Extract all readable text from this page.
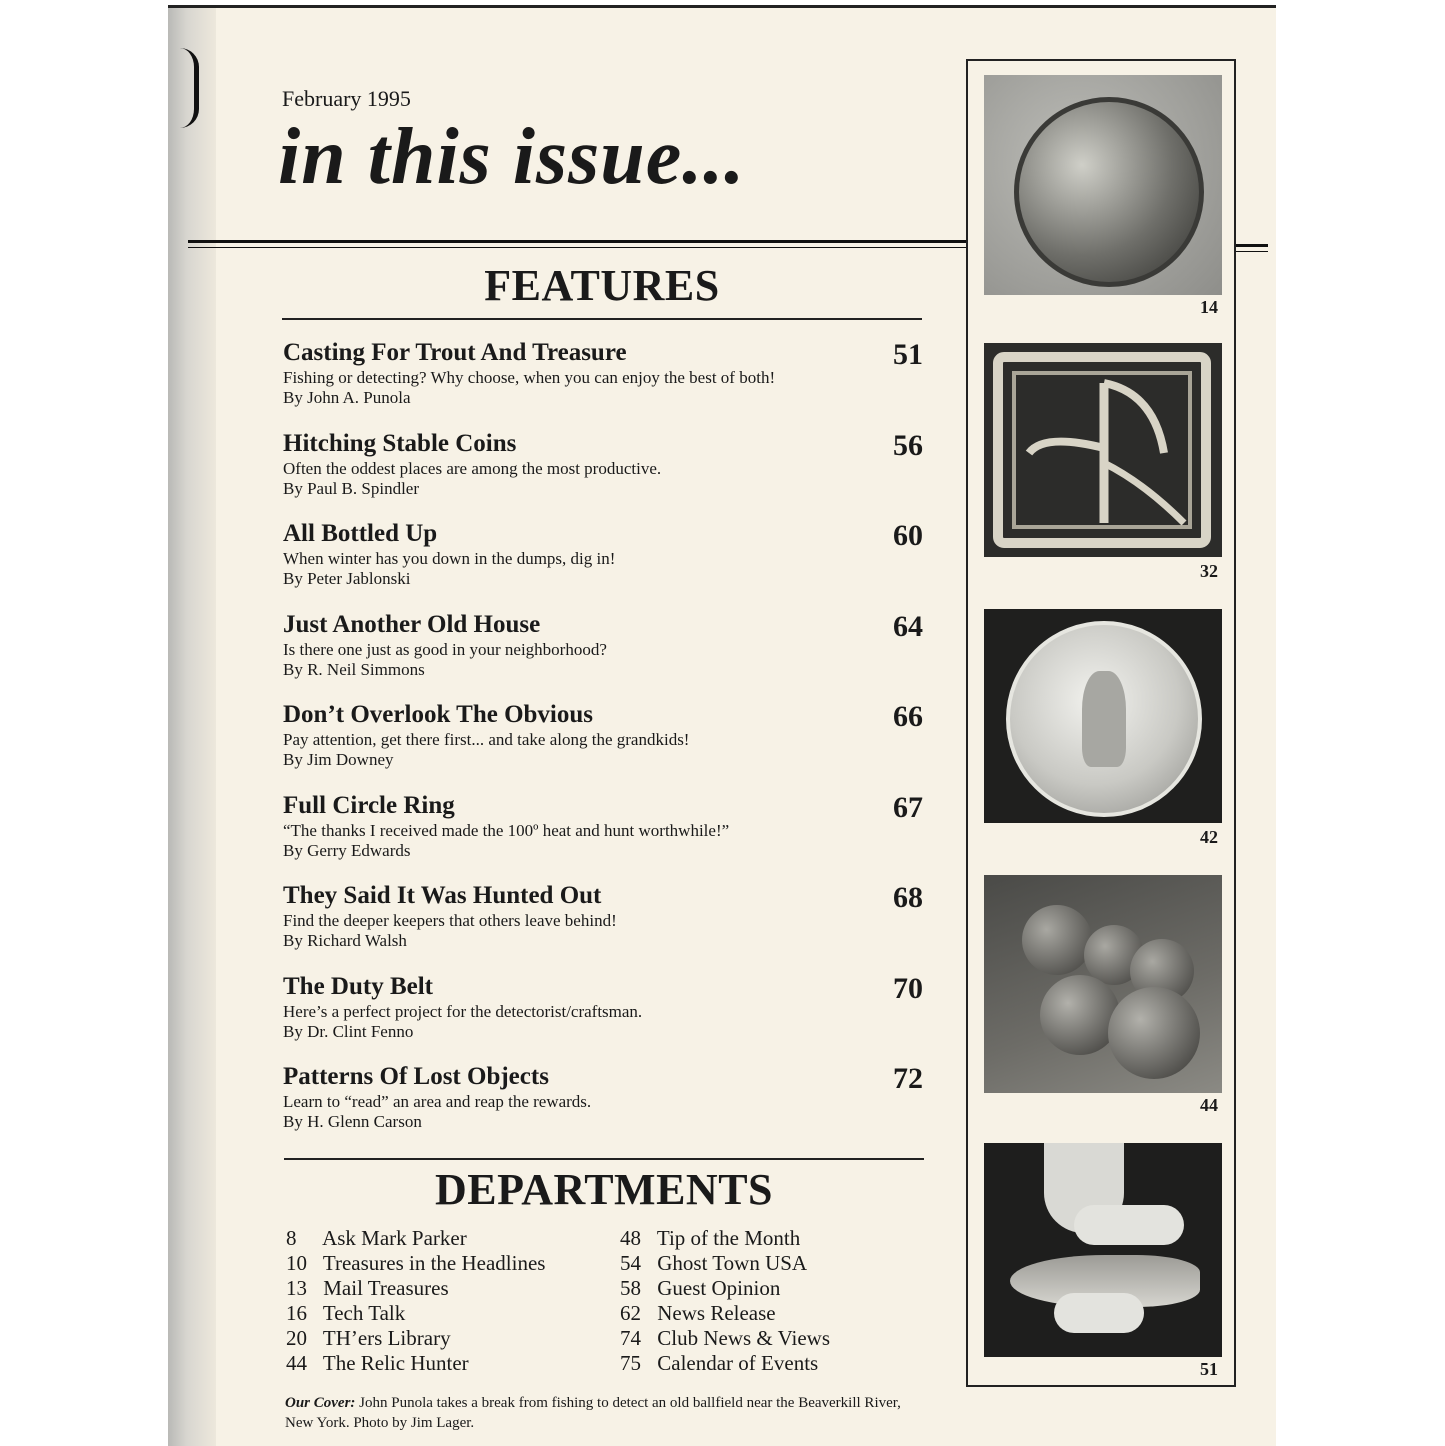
February 1995
in this issue...
FEATURES
Casting For Trout And Treasure
Fishing or detecting? Why choose, when you can enjoy the best of both!
By John A. Punola
51
Hitching Stable Coins
Often the oddest places are among the most productive.
By Paul B. Spindler
56
All Bottled Up
When winter has you down in the dumps, dig in!
By Peter Jablonski
60
Just Another Old House
Is there one just as good in your neighborhood?
By R. Neil Simmons
64
Don’t Overlook The Obvious
Pay attention, get there first... and take along the grandkids!
By Jim Downey
66
Full Circle Ring
“The thanks I received made the 100º heat and hunt worthwhile!”
By Gerry Edwards
67
They Said It Was Hunted Out
Find the deeper keepers that others leave behind!
By Richard Walsh
68
The Duty Belt
Here’s a perfect project for the detectorist/craftsman.
By Dr. Clint Fenno
70
Patterns Of Lost Objects
Learn to “read” an area and reap the rewards.
By H. Glenn Carson
72
DEPARTMENTS
8 Ask Mark Parker
10 Treasures in the Headlines
13 Mail Treasures
16 Tech Talk
20 TH’ers Library
44 The Relic Hunter
48 Tip of the Month
54 Ghost Town USA
58 Guest Opinion
62 News Release
74 Club News & Views
75 Calendar of Events
Our Cover: John Punola takes a break from fishing to detect an old ballfield near the Beaverkill River, New York. Photo by Jim Lager.
14
32
42
44
51
